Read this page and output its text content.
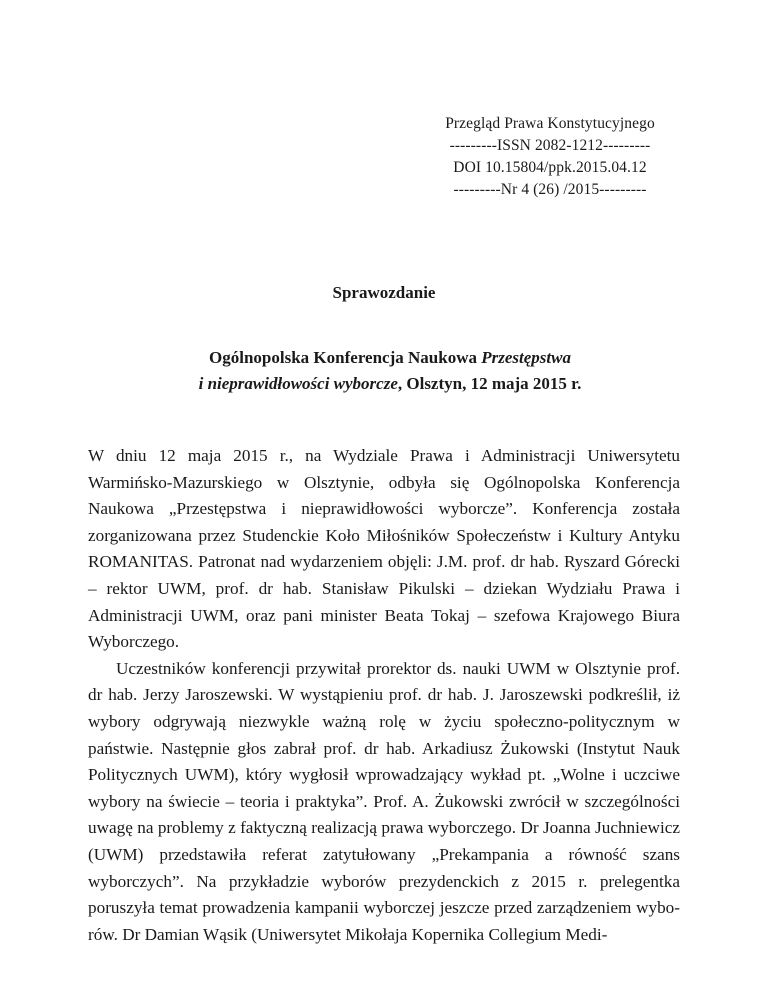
Przegląd Prawa Konstytucyjnego
---------ISSN 2082-1212---------
DOI 10.15804/ppk.2015.04.12
---------Nr 4 (26) /2015---------
Sprawozdanie
Ogólnopolska Konferencja Naukowa Przestępstwa
i nieprawidłowości wyborcze, Olsztyn, 12 maja 2015 r.

W dniu 12 maja 2015 r., na Wydziale Prawa i Administracji Uniwersytetu Warmińsko-Mazurskiego w Olsztynie, odbyła się Ogólnopolska Konferencja Naukowa „Przestępstwa i nieprawidłowości wyborcze”. Konferencja została zorganizowana przez Studenckie Koło Miłośników Społeczeństw i Kultury Antyku ROMANITAS. Patronat nad wydarzeniem objęli: J.M. prof. dr hab. Ryszard Górecki – rektor UWM, prof. dr hab. Stanisław Pikulski – dziekan Wydziału Prawa i Administracji UWM, oraz pani minister Beata Tokaj – szefowa Krajowego Biura Wyborczego.

Uczestników konferencji przywitał prorektor ds. nauki UWM w Olsztynie prof. dr hab. Jerzy Jaroszewski. W wystąpieniu prof. dr hab. J. Jaroszewski podkreślił, iż wybory odgrywają niezwykle ważną rolę w życiu społeczno-politycznym w państwie. Następnie głos zabrał prof. dr hab. Arkadiusz Żukowski (Instytut Nauk Politycznych UWM), który wygłosił wprowadzający wykład pt. „Wolne i uczciwe wybory na świecie – teoria i praktyka”. Prof. A. Żukowski zwrócił w szczególności uwagę na problemy z faktyczną realizacją prawa wyborczego. Dr Joanna Juchniewicz (UWM) przedstawiła referat zatytułowany „Prekampania a równość szans wyborczych”. Na przykładzie wyborów prezydenckich z 2015 r. prelegentka poruszyła temat prowadzenia kampanii wyborczej jeszcze przed zarządzeniem wyborów. Dr Damian Wąsik (Uniwersytet Mikołaja Kopernika Collegium Medi-
